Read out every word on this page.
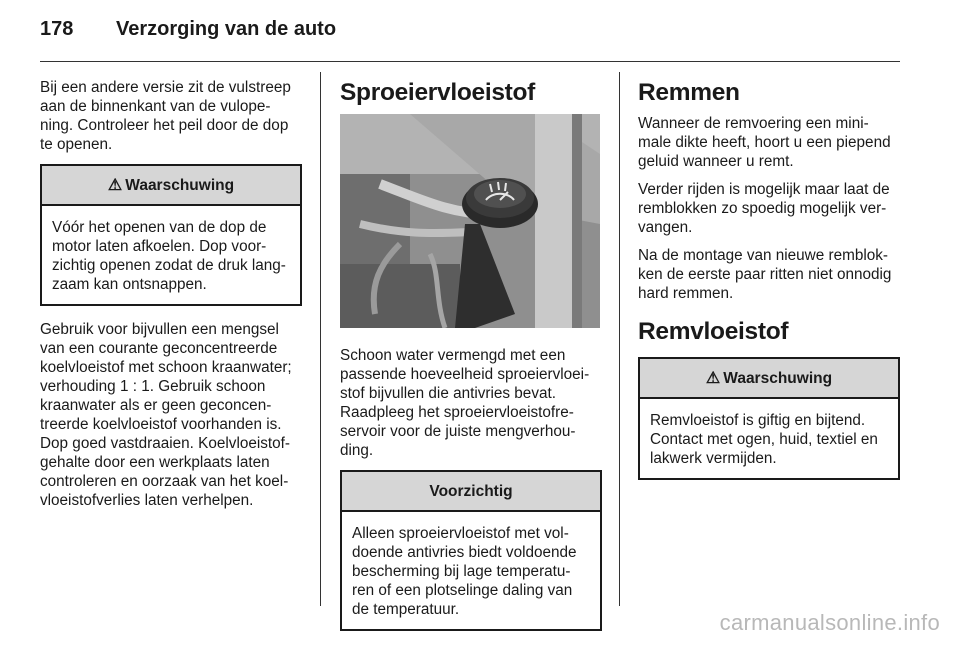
178 Verzorging van de auto

Bij een andere versie zit de vulstreep aan de binnenkant van de vulope-ning. Controleer het peil door de dop te openen.

⚠ Waarschuwing
Vóór het openen van de dop de motor laten afkoelen. Dop voor-zichtig openen zodat de druk lang-zaam kan ontsnappen.

Gebruik voor bijvullen een mengsel van een courante geconcentreerde koelvloeistof met schoon kraanwater; verhouding 1 : 1. Gebruik schoon kraanwater als er geen geconcen-treerde koelvloeistof voorhanden is. Dop goed vastdraaien. Koelvloeistof-gehalte door een werkplaats laten controleren en oorzaak van het koel-vloeistofverlies laten verhelpen.

Sproeiervloeistof

Schoon water vermengd met een passende hoeveelheid sproeiervloei-stof bijvullen die antivries bevat. Raadpleeg het sproeiervloeistofre-servoir voor de juiste mengverhou-ding.

Voorzichtig
Alleen sproeiervloeistof met vol-doende antivries biedt voldoende bescherming bij lage temperatu-ren of een plotselinge daling van de temperatuur.
Remmen

Wanneer de remvoering een mini-male dikte heeft, hoort u een piepend geluid wanneer u remt.

Verder rijden is mogelijk maar laat de remblokken zo spoedig mogelijk ver-vangen.

Na de montage van nieuwe remblok-ken de eerste paar ritten niet onnodig hard remmen.

Remvloeistof
⚠ Waarschuwing
Remvloeistof is giftig en bijtend. Contact met ogen, huid, textiel en lakwerk vermijden.
carmanualsonline.info
